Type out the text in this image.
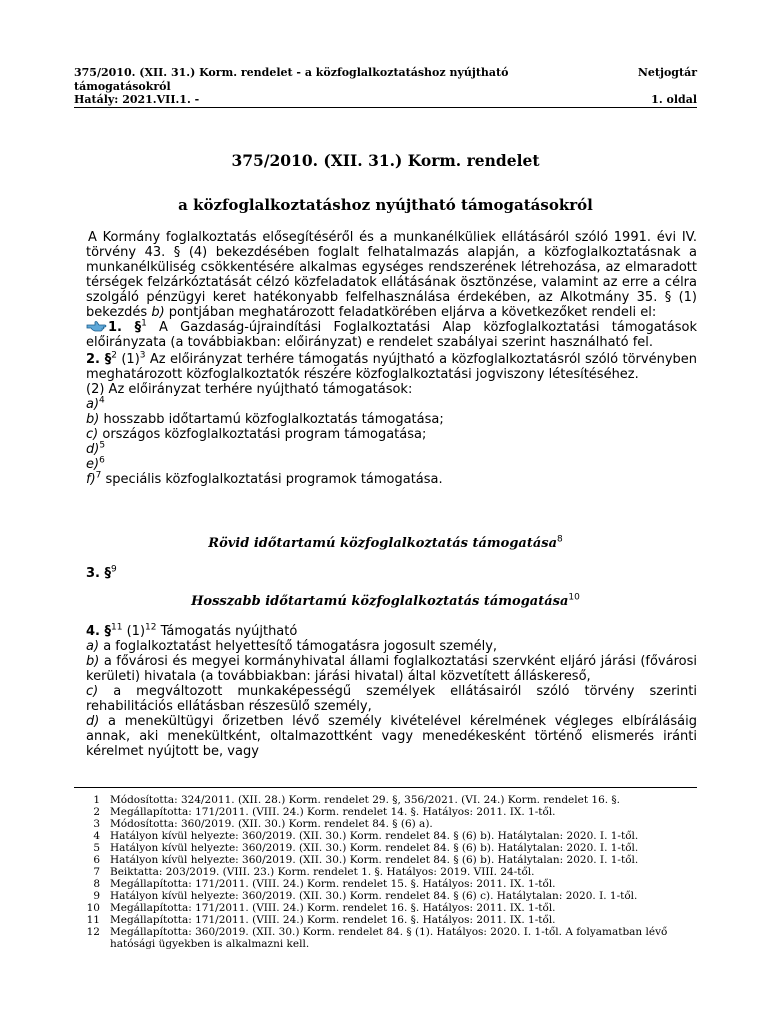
375/2010. (XII. 31.) Korm. rendelet - a közfoglalkoztatáshoz nyújtható
támogatásokról
Netjogtár
Hatály: 2021.VII.1. -	1. oldal
375/2010. (XII. 31.) Korm. rendelet
a közfoglalkoztatáshoz nyújtható támogatásokról

A Kormány foglalkoztatás elősegítéséről és a munkanélküliek ellátásáról szóló 1991. évi IV. törvény 43. § (4) bekezdésében foglalt felhatalmazás alapján, a közfoglalkoztatásnak a munkanélküliség csökkentésére alkalmas egységes rendszerének létrehozása, az elmaradott térségek felzárkóztatását célzó közfeladatok ellátásának ösztönzése, valamint az erre a célra szolgáló pénzügyi keret hatékonyabb felfelhasználása érdekében, az Alkotmány 35. § (1) bekezdés b) pontjában meghatározott feladatkörében eljárva a következőket rendeli el:

1. §$^1$ A Gazdaság-újraindítási Foglalkoztatási Alap közfoglalkoztatási támogatások előirányzata (a továbbiakban: előirányzat) e rendelet szabályai szerint használható fel.

2. §$^2$ $(1)^3$ Az előirányzat terhére támogatás nyújtható a közfoglalkoztatásról szóló törvényben meghatározott közfoglalkoztatók részére közfoglalkoztatási jogviszony létesítéséhez.

(2) Az előirányzat terhére nyújtható támogatások:

a)$^4$

b) hosszabb időtartamú közfoglalkoztatás támogatása;

c) országos közfoglalkoztatási program támogatása;

d)$^5$

e)$^6$

f)$^7$ speciális közfoglalkoztatási programok támogatása.

Rövid időtartamú közfoglalkoztatás támogatása$^8$

3. §$^9$

Hosszabb időtartamú közfoglalkoztatás támogatása$^{10}$

4. §$^{11}$ $(1)^{12}$ Támogatás nyújtható

a) a foglalkoztatást helyettesítő támogatásra jogosult személy,

b) a fővárosi és megyei kormányhivatal állami foglalkoztatási szervként eljáró járási (fővárosi kerületi) hivatala (a továbbiakban: járási hivatal) által közvetített álláskereső,

c) a megváltozott munkaképességű személyek ellátásairól szóló törvény szerinti rehabilitációs ellátásban részesülő személy,

d) a menekültügyi őrizetben lévő személy kivételével kérelmének végleges elbírálásáig annak, aki menekültként, oltalmazottként vagy menedékesként történő elismerés iránti kérelmet nyújtott be, vagy

1 Módosította: 324/2011. (XII. 28.) Korm. rendelet 29. §, 356/2021. (VI. 24.) Korm. rendelet 16. §.
2 Megállapította: 171/2011. (VIII. 24.) Korm. rendelet 14. §. Hatályos: 2011. IX. 1-től.
3 Módosította: 360/2019. (XII. 30.) Korm. rendelet 84. § (6) a).
4 Hatályon kívül helyezte: 360/2019. (XII. 30.) Korm. rendelet 84. § (6) b). Hatálytalan: 2020. I. 1-től.
5 Hatályon kívül helyezte: 360/2019. (XII. 30.) Korm. rendelet 84. § (6) b). Hatálytalan: 2020. I. 1-től.
6 Hatályon kívül helyezte: 360/2019. (XII. 30.) Korm. rendelet 84. § (6) b). Hatálytalan: 2020. I. 1-től.
7 Beiktatta: 203/2019. (VIII. 23.) Korm. rendelet 1. §. Hatályos: 2019. VIII. 24-től.
8 Megállapította: 171/2011. (VIII. 24.) Korm. rendelet 15. §. Hatályos: 2011. IX. 1-től.
9 Hatályon kívül helyezte: 360/2019. (XII. 30.) Korm. rendelet 84. § (6) c). Hatálytalan: 2020. I. 1-től.
10 Megállapította: 171/2011. (VIII. 24.) Korm. rendelet 16. §. Hatályos: 2011. IX. 1-től.
11 Megállapította: 171/2011. (VIII. 24.) Korm. rendelet 16. §. Hatályos: 2011. IX. 1-től.
12 Megállapította: 360/2019. (XII. 30.) Korm. rendelet 84. § (1). Hatályos: 2020. I. 1-től. A folyamatban lévő hatósági ügyekben is alkalmazni kell.
